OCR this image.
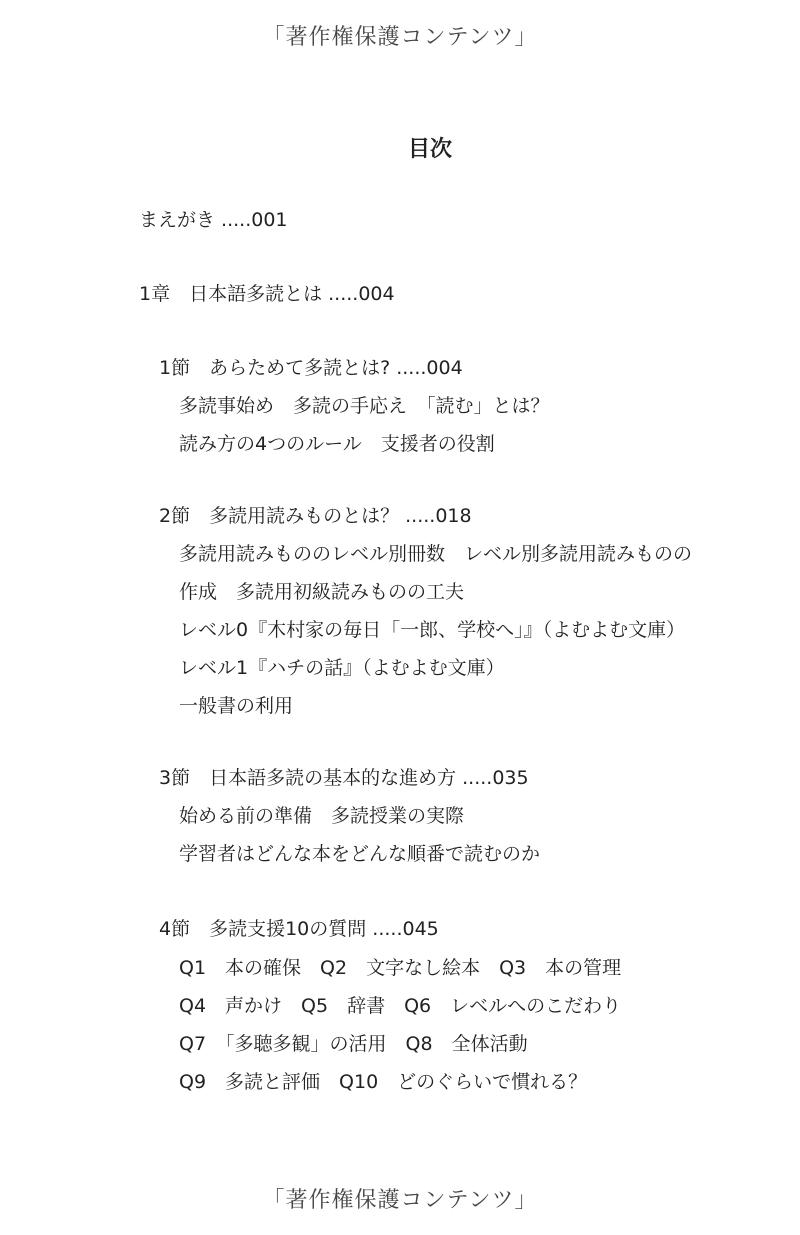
「著作権保護コンテンツ」
目次
まえがき .....001
1章　日本語多読とは .....004
1節　あらためて多読とは? .....004
多読事始め　多読の手応え　「読む」とは？
読み方の4つのルール　支援者の役割
2節　多読用読みものとは？ .....018
多読用読みもののレベル別冊数　レベル別多読用読みものの
作成　多読用初級読みものの工夫
レベル0『木村家の毎日「一郎、学校へ」』（よむよむ文庫）
レベル1『ハチの話』（よむよむ文庫）
一般書の利用
3節　日本語多読の基本的な進め方 .....035
始める前の準備　多読授業の実際
学習者はどんな本をどんな順番で読むのか
4節　多読支援10の質問 .....045
Q1　本の確保　Q2　文字なし絵本　Q3　本の管理
Q4　声かけ　Q5　辞書　Q6　レベルへのこだわり
Q7　「多聴多観」の活用　Q8　全体活動
Q9　多読と評価　Q10　どのぐらいで慣れる？
「著作権保護コンテンツ」
